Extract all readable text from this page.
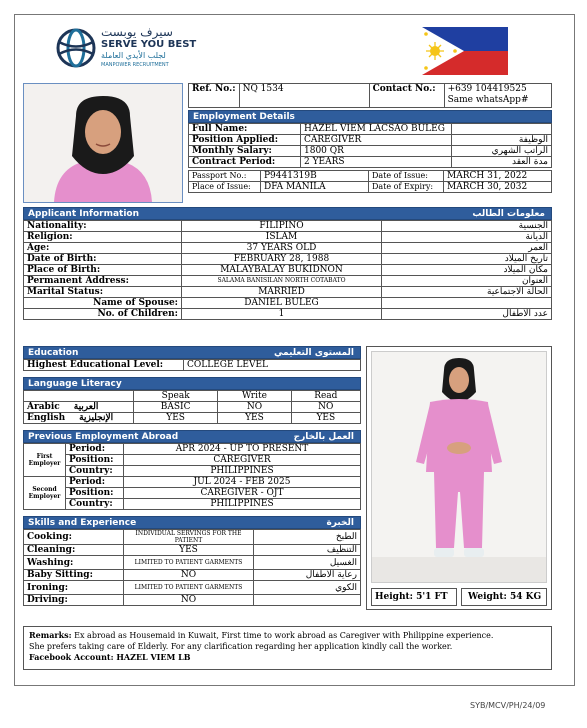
سيرف يوبست
SERVE YOU BEST
لجلب الأيدي العاملة
MANPOWER RECRUITMENT
Ref. No.:	NQ 1534	Contact No.:	+639 104419525
Same whatsApp#
Employment Details
Full Name:	HAZEL VIEM LACSAO BULEG	
Position Applied:	CAREGIVER	الوظيفة
Monthly Salary:	1800 QR	الراتب الشهري
Contract Period:	2 YEARS	مدة العقد
Passport No.:	P9441319B	Date of Issue:	MARCH 31, 2022
Place of Issue:	DFA MANILA	Date of Expiry:	MARCH 30, 2032
Applicant Information	معلومات الطالب
Nationality:	FILIPINO	الجنسية
Religion:	ISLAM	الديانة
Age:	37 YEARS OLD	العمر
Date of Birth:	FEBRUARY 28, 1988	تاريخ الميلاد
Place of Birth:	MALAYBALAY BUKIDNON	مكان الميلاد
Permanent Address:	SALAMA BANISILAN NORTH COTABATO	العنوان
Marital Status:	MARRIED	الحالة الاجتماعية
Name of Spouse:	DANIEL BULEG	
No. of Children:	1	عدد الأطفال
Education	المستوى التعليمي
Highest Educational Level:	COLLEGE LEVEL
Language Literacy
	Speak	Write	Read
Arabic العربية	BASIC	NO	NO
English الإنجليزية	YES	YES	YES
Previous Employment Abroad	العمل بالخارج
First Employer	Period:	APR 2024 - UP TO PRESENT
	Position:	CAREGIVER
	Country:	PHILIPPINES
Second Employer	Period:	JUL 2024 - FEB 2025
	Position:	CAREGIVER - OJT
	Country:	PHILIPPINES
Skills and Experience	الخبرة
Cooking:	INDIVIDUAL SERVINGS FOR THE PATIENT	الطبخ
Cleaning:	YES	التنظيف
Washing:	LIMITED TO PATIENT GARMENTS	الغسيل
Baby Sitting:	NO	رعاية الأطفال
Ironing:	LIMITED TO PATIENT GARMENTS	الكوي
Driving:	NO		Height: 5'1 FT	Weight: 54 KG
Remarks: Ex abroad as Housemaid in Kuwait, First time to work abroad as Caregiver with Philippine experience.
She prefers taking care of Elderly. For any clarification regarding her application kindly call the worker.
Facebook Account: HAZEL VIEM LB
SYB/MCV/PH/24/09
